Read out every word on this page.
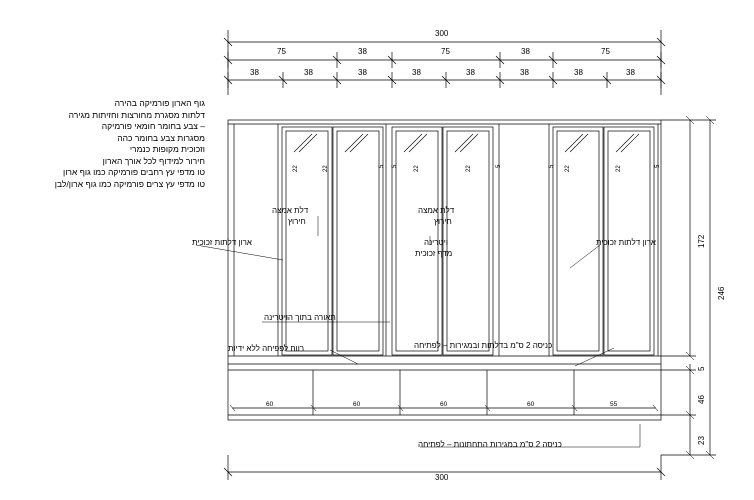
300
75	38	75	38	75
38	38	38	38	38	38	38	38
גוף הארון פורמיקה בהירה
דלתות מסגרת מחורצות וחזיתות מגירה
– צבע בחומר חומאי פורמיקה
מסגרות צבע בחומר כהה
וזכוכית מקופות כנמרי
חירור למידוף לכל אורך הארון
טו מדפי עץ רחבים פורמיקה כמו גוף ארון
טו מדפי עץ צרים פורמיקה כמו גוף ארון/לבן
22	22	5 5	22	22	5	5 22	22	5
ארון דלתות זכוכית	ארון דלתות זכוכית
דלת אמצה
חירוץ
דלת אמצה
חירוץ
ויטרינה
מדף זכוכית
תאורה בתוך הויטרינה
רווח לפפיחה ללא ידיות	כניסה 2 ס"מ בדלתות ובמגירות – לפתיחה
כניסה 2 ס"מ במגירות התחתונות – לפתיחה
60	60	60	60	55
172
5
46
23
246
300
